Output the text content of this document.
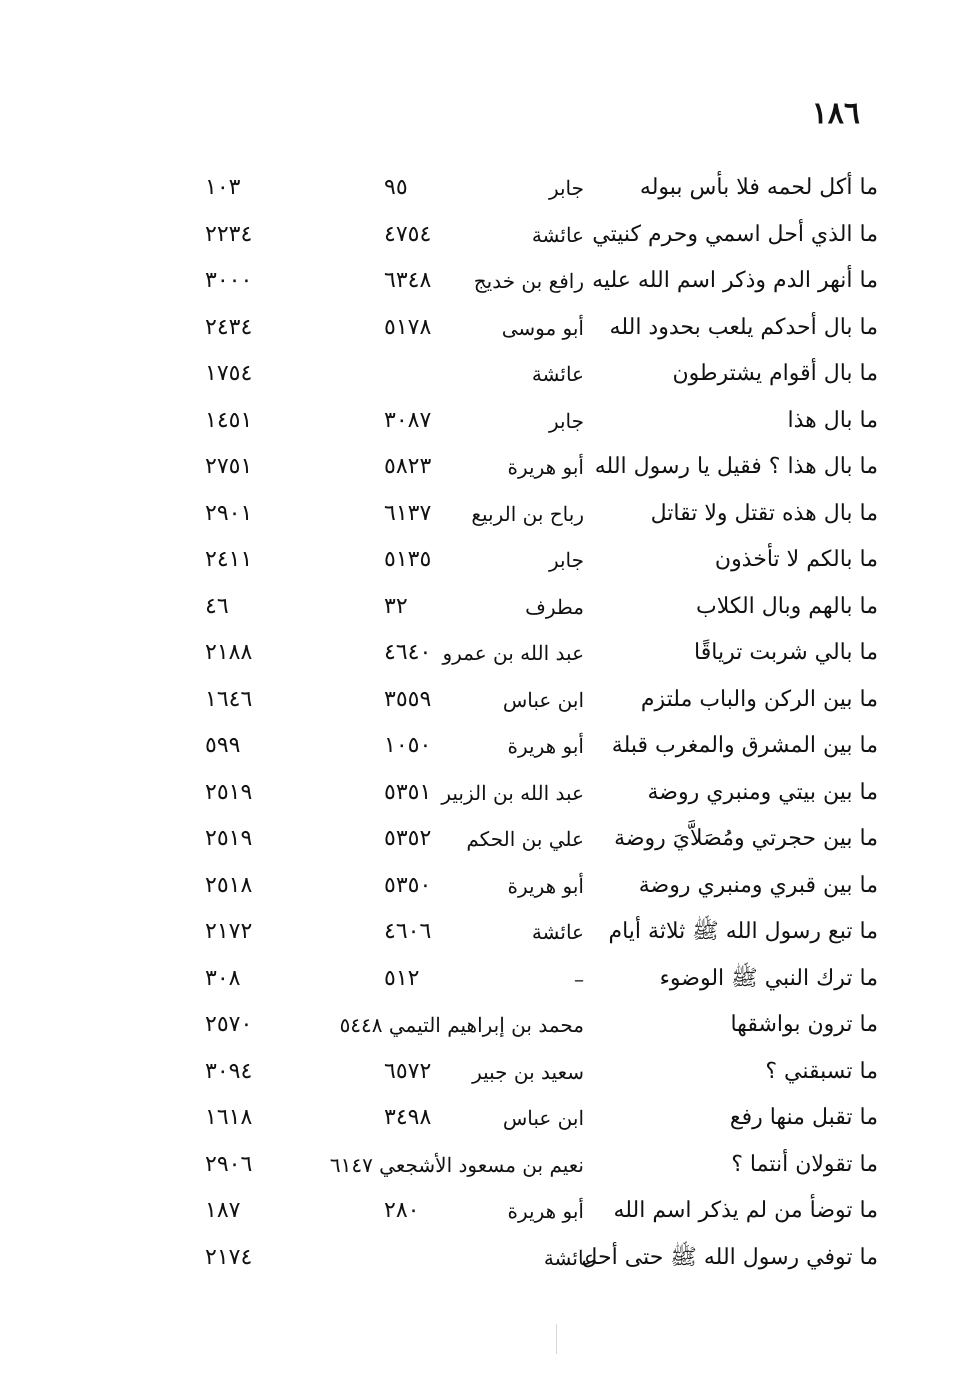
١٨٦
ما أكل لحمه فلا بأس ببوله
جابر
٩٥
١٠٣
ما الذي أحل اسمي وحرم كنيتي
عائشة
٤٧٥٤
٢٢٣٤
ما أنهر الدم وذكر اسم الله عليه
رافع بن خديج
٦٣٤٨
٣٠٠٠
ما بال أحدكم يلعب بحدود الله
أبو موسى
٥١٧٨
٢٤٣٤
ما بال أقوام يشترطون
عائشة
١٧٥٤
ما بال هذا
جابر
٣٠٨٧
١٤٥١
ما بال هذا ؟ فقيل يا رسول الله
أبو هريرة
٥٨٢٣
٢٧٥١
ما بال هذه تقتل ولا تقاتل
رباح بن الربيع
٦١٣٧
٢٩٠١
ما بالكم لا تأخذون
جابر
٥١٣٥
٢٤١١
ما بالهم وبال الكلاب
مطرف
٣٢
٤٦
ما بالي شربت ترياقًا
عبد الله بن عمرو
٤٦٤٠
٢١٨٨
ما بين الركن والباب ملتزم
ابن عباس
٣٥٥٩
١٦٤٦
ما بين المشرق والمغرب قبلة
أبو هريرة
١٠٥٠
٥٩٩
ما بين بيتي ومنبري روضة
عبد الله بن الزبير
٥٣٥١
٢٥١٩
ما بين حجرتي ومُصَلاَّيَ روضة
علي بن الحكم
٥٣٥٢
٢٥١٩
ما بين قبري ومنبري روضة
أبو هريرة
٥٣٥٠
٢٥١٨
ما تبع رسول الله ﷺ ثلاثة أيام
عائشة
٤٦٠٦
٢١٧٢
ما ترك النبي ﷺ الوضوء
–
٥١٢
٣٠٨
ما ترون بواشقها
محمد بن إبراهيم التيمي ٥٤٤٨
٢٥٧٠
ما تسبقني ؟
سعيد بن جبير
٦٥٧٢
٣٠٩٤
ما تقبل منها رفع
ابن عباس
٣٤٩٨
١٦١٨
ما تقولان أنتما ؟
نعيم بن مسعود الأشجعي ٦١٤٧
٢٩٠٦
ما توضأ من لم يذكر اسم الله
أبو هريرة
٢٨٠
١٨٧
ما توفي رسول الله ﷺ حتى أحل
عائشة
٢١٧٤
